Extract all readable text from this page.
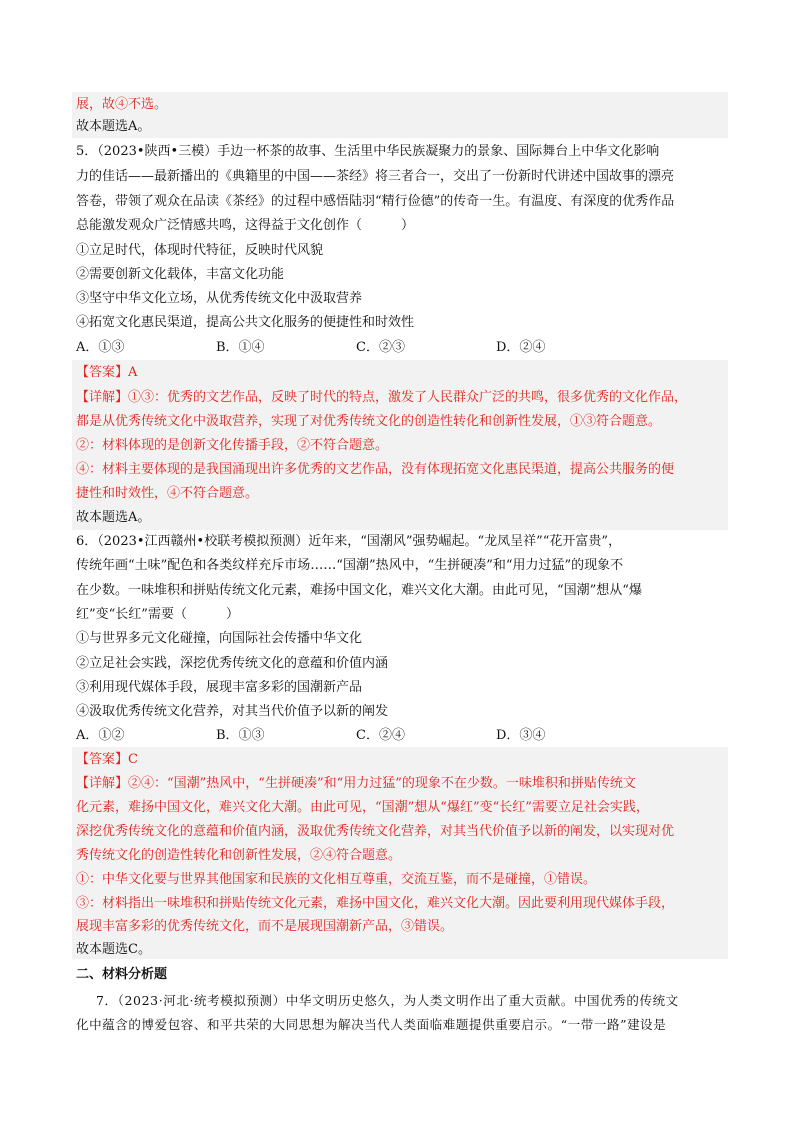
展，故④不选。
故本题选A。
5．（2023•陕西•三模）手边一杯茶的故事、生活里中华民族凝聚力的景象、国际舞台上中华文化影响
力的佳话——最新播出的《典籍里的中国——茶经》将三者合一，交出了一份新时代讲述中国故事的漂亮
答卷，带领了观众在品读《茶经》的过程中感悟陆羽“精行俭德”的传奇一生。有温度、有深度的优秀作品
总能激发观众广泛情感共鸣，这得益于文化创作（　　　）
①立足时代，体现时代特征，反映时代风貌
②需要创新文化载体，丰富文化功能
③坚守中华文化立场，从优秀传统文化中汲取营养
④拓宽文化惠民渠道，提高公共文化服务的便捷性和时效性
A．①③	B．①④	C．②③	D．②④
【答案】A
【详解】①③：优秀的文艺作品，反映了时代的特点，激发了人民群众广泛的共鸣，很多优秀的文化作品，
都是从优秀传统文化中汲取营养，实现了对优秀传统文化的创造性转化和创新性发展，①③符合题意。
②：材料体现的是创新文化传播手段，②不符合题意。
④：材料主要体现的是我国涌现出许多优秀的文艺作品，没有体现拓宽文化惠民渠道，提高公共服务的便
捷性和时效性，④不符合题意。
故本题选A。
6．（2023•江西赣州•校联考模拟预测）近年来，“国潮风”强势崛起。“龙凤呈祥”“花开富贵”，
传统年画“土味”配色和各类纹样充斥市场……“国潮”热风中，“生拼硬凑”和“用力过猛”的现象不
在少数。一味堆积和拼贴传统文化元素，难扬中国文化，难兴文化大潮。由此可见，“国潮”想从“爆
红”变“长红”需要（　　　）
①与世界多元文化碰撞，向国际社会传播中华文化
②立足社会实践，深挖优秀传统文化的意蕴和价值内涵
③利用现代媒体手段，展现丰富多彩的国潮新产品
④汲取优秀传统文化营养，对其当代价值予以新的阐发
A．①②	B．①③	C．②④	D．③④
【答案】C
【详解】②④：“国潮”热风中，“生拼硬凑”和“用力过猛”的现象不在少数。一味堆积和拼贴传统文
化元素，难扬中国文化，难兴文化大潮。由此可见，“国潮”想从“爆红”变“长红”需要立足社会实践，
深挖优秀传统文化的意蕴和价值内涵，汲取优秀传统文化营养，对其当代价值予以新的阐发，以实现对优
秀传统文化的创造性转化和创新性发展，②④符合题意。
①：中华文化要与世界其他国家和民族的文化相互尊重，交流互鉴，而不是碰撞，①错误。
③：材料指出一味堆积和拼贴传统文化元素，难扬中国文化，难兴文化大潮。因此要利用现代媒体手段，
展现丰富多彩的优秀传统文化，而不是展现国潮新产品，③错误。
故本题选C。
二、材料分析题
7．（2023·河北·统考模拟预测）中华文明历史悠久，为人类文明作出了重大贡献。中国优秀的传统文
化中蕴含的博爱包容、和平共荣的大同思想为解决当代人类面临难题提供重要启示。“一带一路”建设是
